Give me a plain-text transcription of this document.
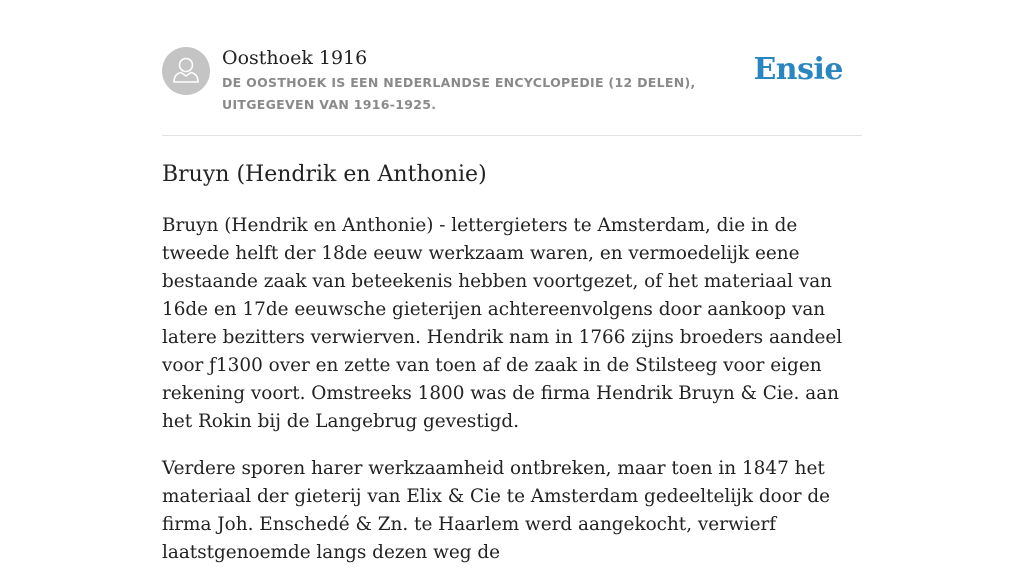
Oosthoek 1916
DE OOSTHOEK IS EEN NEDERLANDSE ENCYCLOPEDIE (12 DELEN), UITGEGEVEN VAN 1916-1925.
Ensie
Bruyn (Hendrik en Anthonie)

Bruyn (Hendrik en Anthonie) - lettergieters te Amsterdam, die in de tweede helft der 18de eeuw werkzaam waren, en vermoedelijk eene bestaande zaak van beteekenis hebben voortgezet, of het materiaal van 16de en 17de eeuwsche gieterijen achtereenvolgens door aankoop van latere bezitters verwierven. Hendrik nam in 1766 zijns broeders aandeel voor ƒ1300 over en zette van toen af de zaak in de Stilsteeg voor eigen rekening voort. Omstreeks 1800 was de firma Hendrik Bruyn & Cie. aan het Rokin bij de Langebrug gevestigd.

Verdere sporen harer werkzaamheid ontbreken, maar toen in 1847 het materiaal der gieterij van Elix & Cie te Amsterdam gedeeltelijk door de firma Joh. Enschedé & Zn. te Haarlem werd aangekocht, verwierf laatstgenoemde langs dezen weg de
